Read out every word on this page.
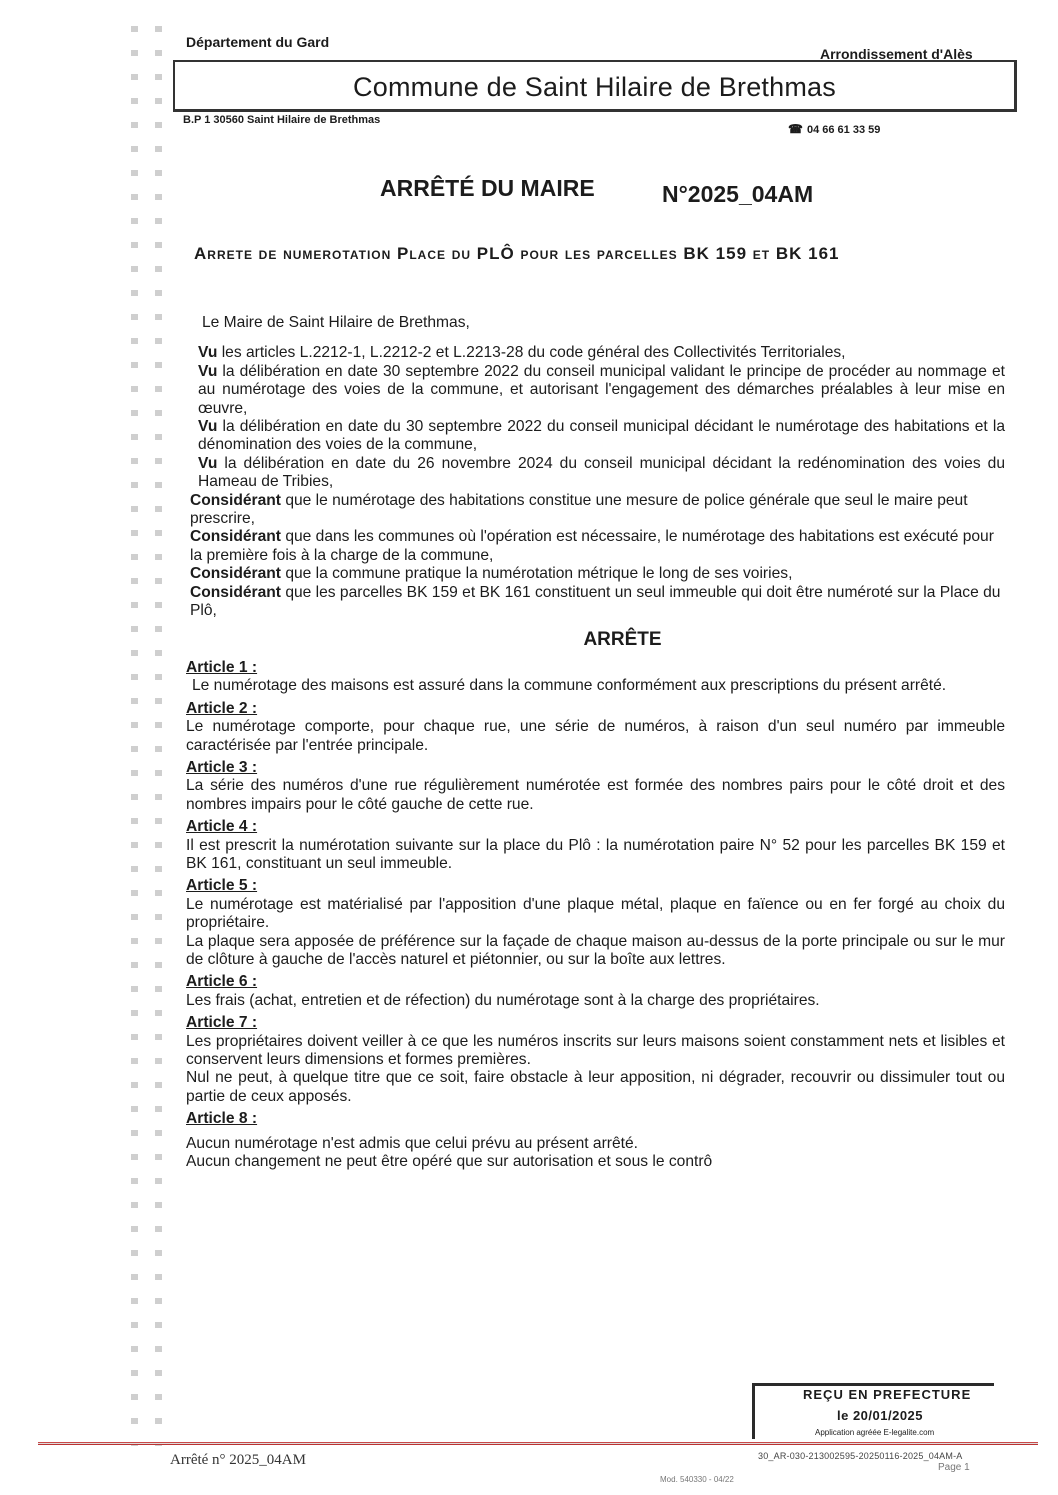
Département du Gard
Arrondissement d'Alès
Commune de Saint Hilaire de Brethmas
B.P 1 30560 Saint Hilaire de Brethmas
☎ 04 66 61 33 59
ARRÊTÉ DU MAIRE	N°2025_04AM
Arrete de numerotation Place du PLÔ pour les parcelles BK 159 et BK 161

Le Maire de Saint Hilaire de Brethmas,

Vu les articles L.2212-1, L.2212-2 et L.2213-28 du code général des Collectivités Territoriales,

Vu la délibération en date 30 septembre 2022 du conseil municipal validant le principe de procéder au nommage et au numérotage des voies de la commune, et autorisant l'engagement des démarches préalables à leur mise en œuvre,

Vu la délibération en date du 30 septembre 2022 du conseil municipal décidant le numérotage des habitations et la dénomination des voies de la commune,

Vu la délibération en date du 26 novembre 2024 du conseil municipal décidant la redénomination des voies du Hameau de Tribies,

Considérant que le numérotage des habitations constitue une mesure de police générale que seul le maire peut prescrire,

Considérant que dans les communes où l'opération est nécessaire, le numérotage des habitations est exécuté pour la première fois à la charge de la commune,

Considérant que la commune pratique la numérotation métrique le long de ses voiries,

Considérant que les parcelles BK 159 et BK 161 constituent un seul immeuble qui doit être numéroté sur la Place du Plô,

ARRÊTE
Article 1 :

Le numérotage des maisons est assuré dans la commune conformément aux prescriptions du présent arrêté.

Article 2 :

Le numérotage comporte, pour chaque rue, une série de numéros, à raison d'un seul numéro par immeuble caractérisée par l'entrée principale.

Article 3 :

La série des numéros d'une rue régulièrement numérotée est formée des nombres pairs pour le côté droit et des nombres impairs pour le côté gauche de cette rue.

Article 4 :

Il est prescrit la numérotation suivante sur la place du Plô : la numérotation paire N° 52 pour les parcelles BK 159 et BK 161, constituant un seul immeuble.

Article 5 :

Le numérotage est matérialisé par l'apposition d'une plaque métal, plaque en faïence ou en fer forgé au choix du propriétaire.

La plaque sera apposée de préférence sur la façade de chaque maison au-dessus de la porte principale ou sur le mur de clôture à gauche de l'accès naturel et piétonnier, ou sur la boîte aux lettres.

Article 6 :

Les frais (achat, entretien et de réfection) du numérotage sont à la charge des propriétaires.

Article 7 :

Les propriétaires doivent veiller à ce que les numéros inscrits sur leurs maisons soient constamment nets et lisibles et conservent leurs dimensions et formes premières.

Nul ne peut, à quelque titre que ce soit, faire obstacle à leur apposition, ni dégrader, recouvrir ou dissimuler tout ou partie de ceux apposés.

Article 8 :

Aucun numérotage n'est admis que celui prévu au présent arrêté.

Aucun changement ne peut être opéré que sur autorisation et sous le contrô

REÇU EN PREFECTURE
le 20/01/2025
Application agréée E-legalite.com
Arrêté n° 2025_04AM	30_AR-030-213002595-20250116-2025_04AM-A
Page 1
Mod. 540330 - 04/22
